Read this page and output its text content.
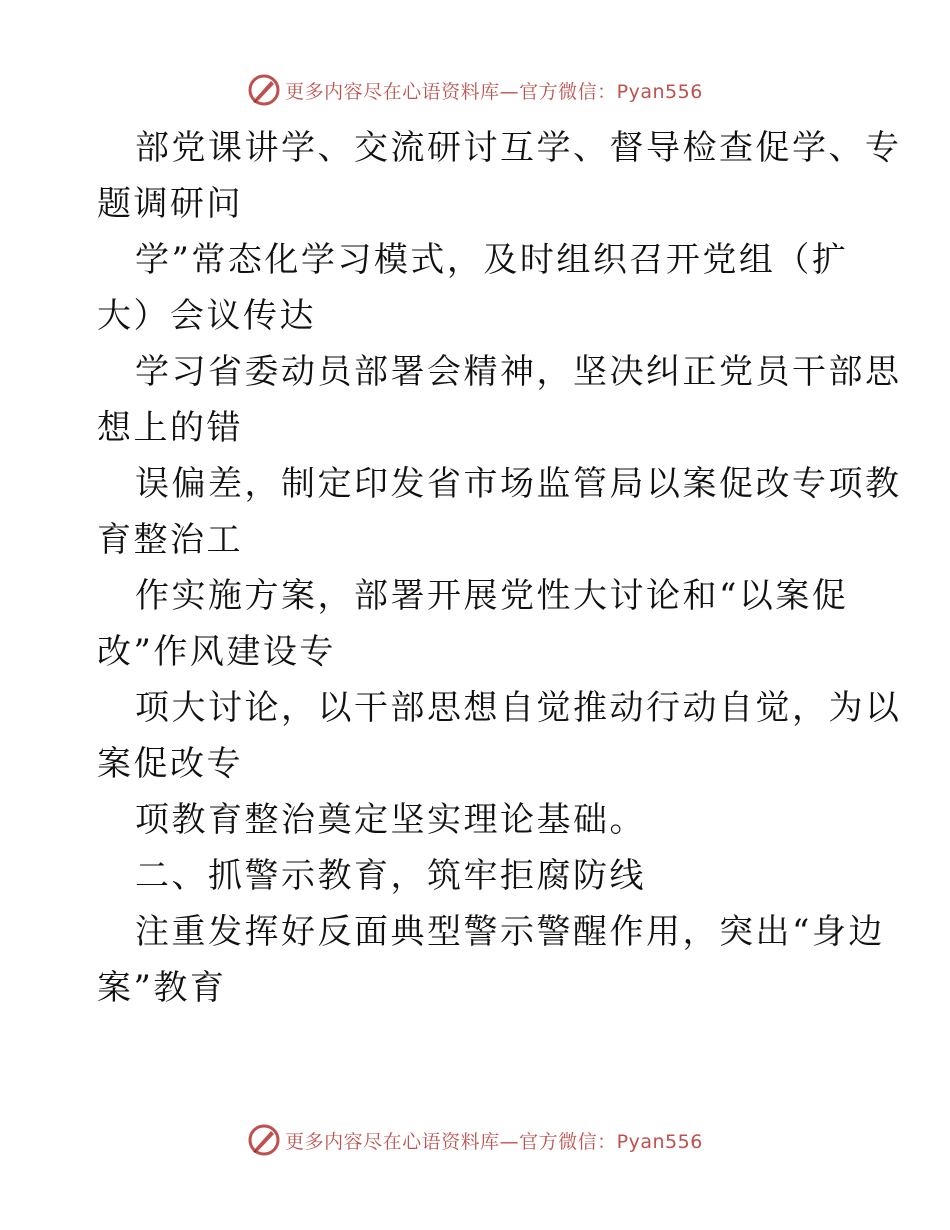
更多内容尽在心语资料库—官方微信：Pyan556
部党课讲学、交流研讨互学、督导检查促学、专
题调研问
学”常态化学习模式，及时组织召开党组（扩
大）会议传达
学习省委动员部署会精神，坚决纠正党员干部思
想上的错
误偏差，制定印发省市场监管局以案促改专项教
育整治工
作实施方案，部署开展党性大讨论和“以案促
改”作风建设专
项大讨论，以干部思想自觉推动行动自觉，为以
案促改专
项教育整治奠定坚实理论基础。
二、抓警示教育，筑牢拒腐防线
注重发挥好反面典型警示警醒作用，突出“身边
案”教育
更多内容尽在心语资料库—官方微信：Pyan556
